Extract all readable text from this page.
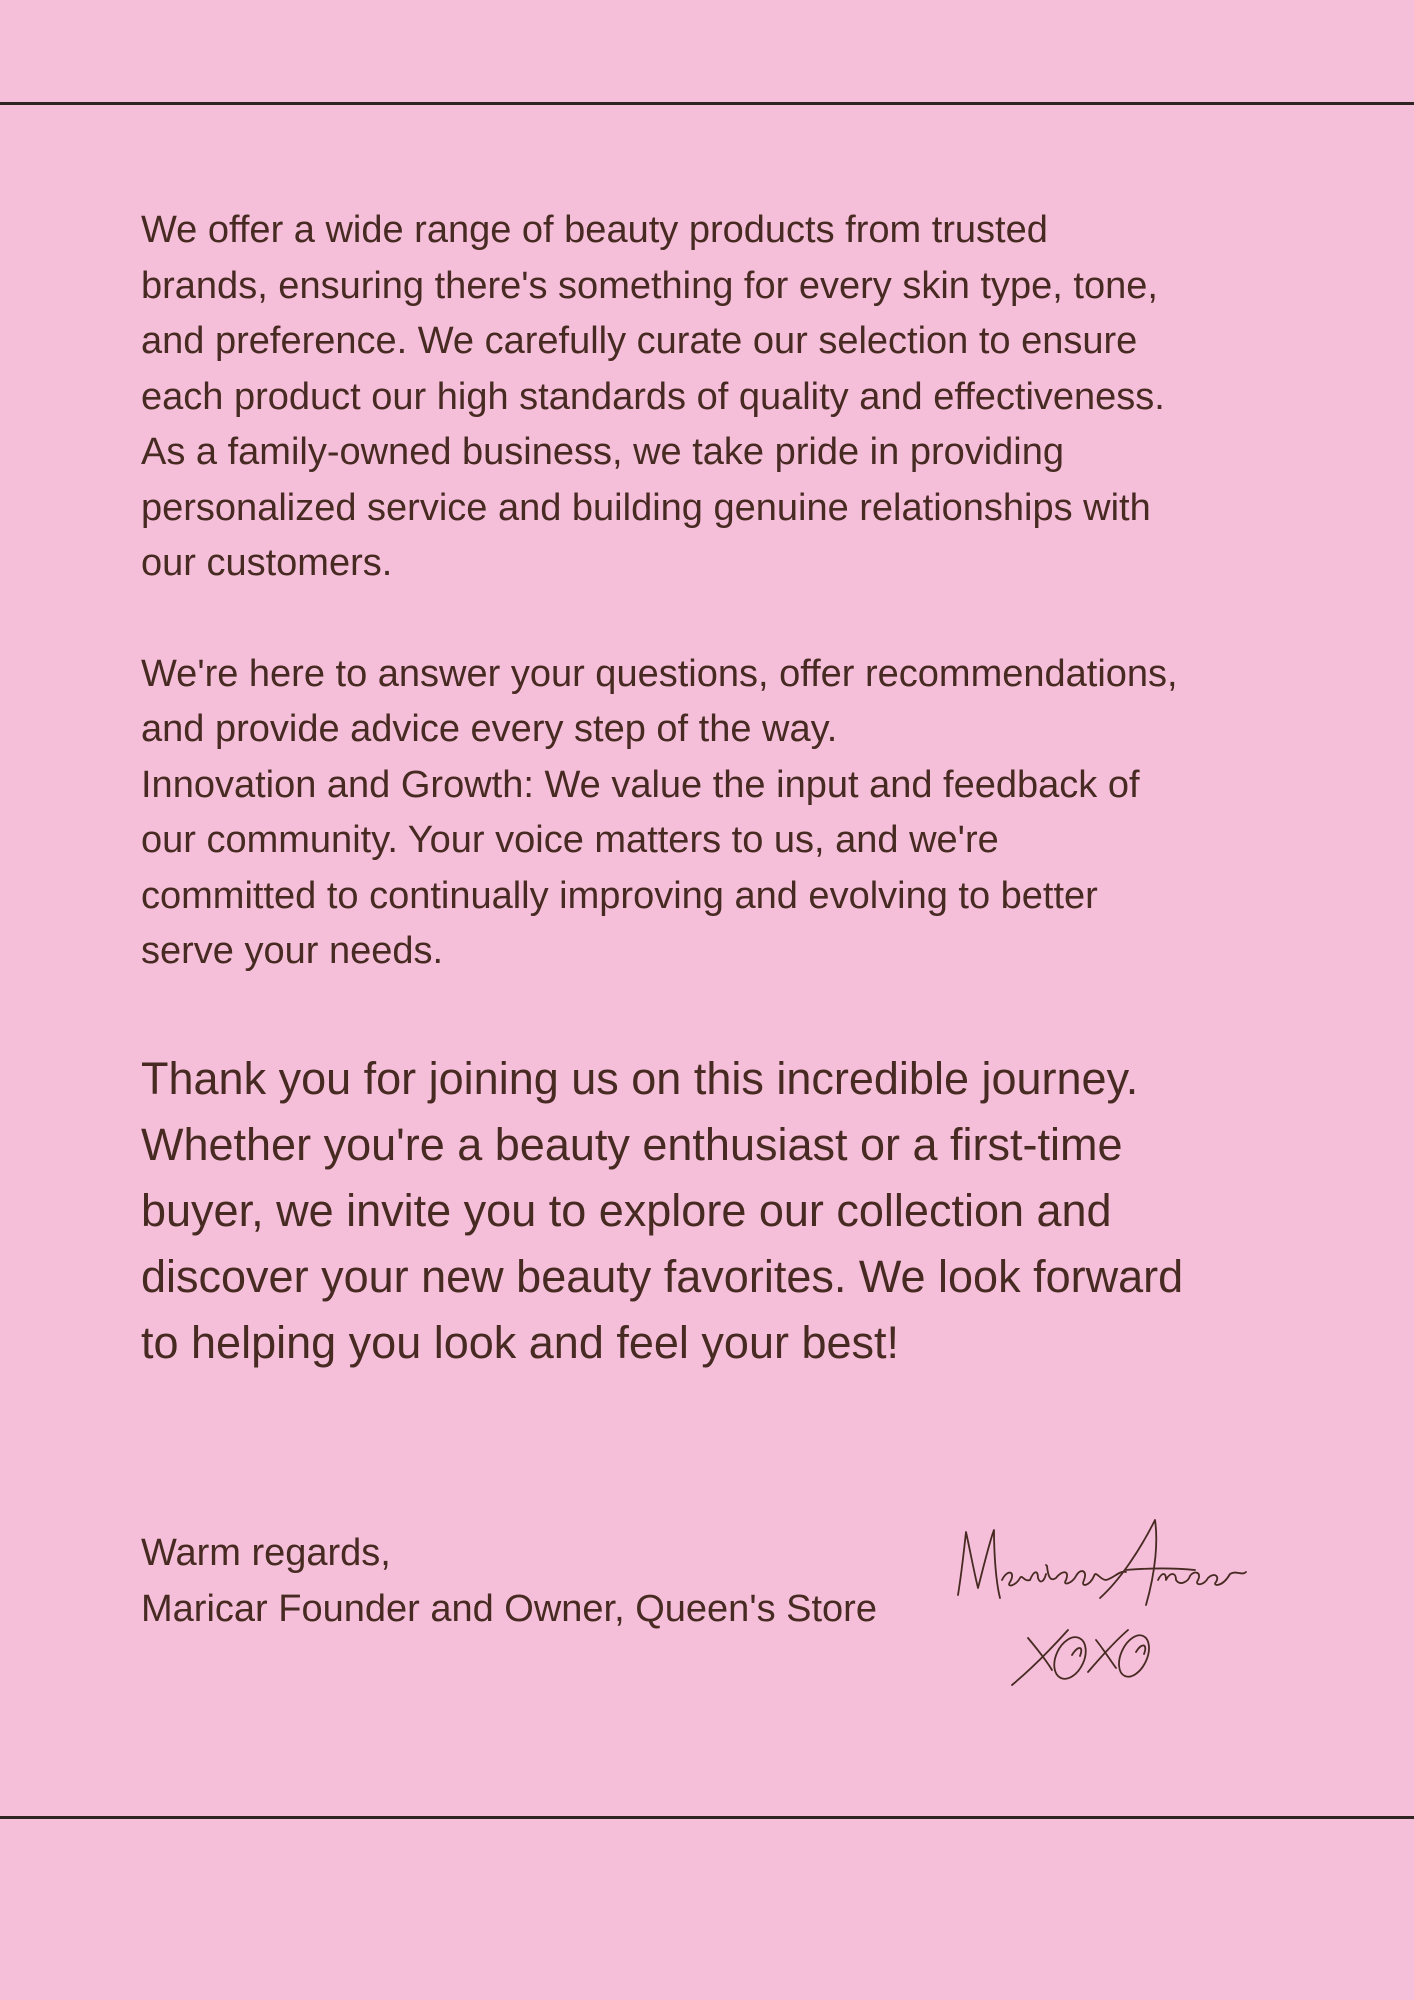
We offer a wide range of beauty products from trusted
brands, ensuring there's something for every skin type, tone,
and preference. We carefully curate our selection to ensure
each product our high standards of quality and effectiveness.
As a family-owned business, we take pride in providing
personalized service and building genuine relationships with
our customers.

We're here to answer your questions, offer recommendations,
and provide advice every step of the way.
Innovation and Growth: We value the input and feedback of
our community. Your voice matters to us, and we're
committed to continually improving and evolving to better
serve your needs.

Thank you for joining us on this incredible journey.
Whether you're a beauty enthusiast or a first-time
buyer, we invite you to explore our collection and
discover your new beauty favorites. We look forward
to helping you look and feel your best!

Warm regards,
Maricar Founder and Owner, Queen's Store
